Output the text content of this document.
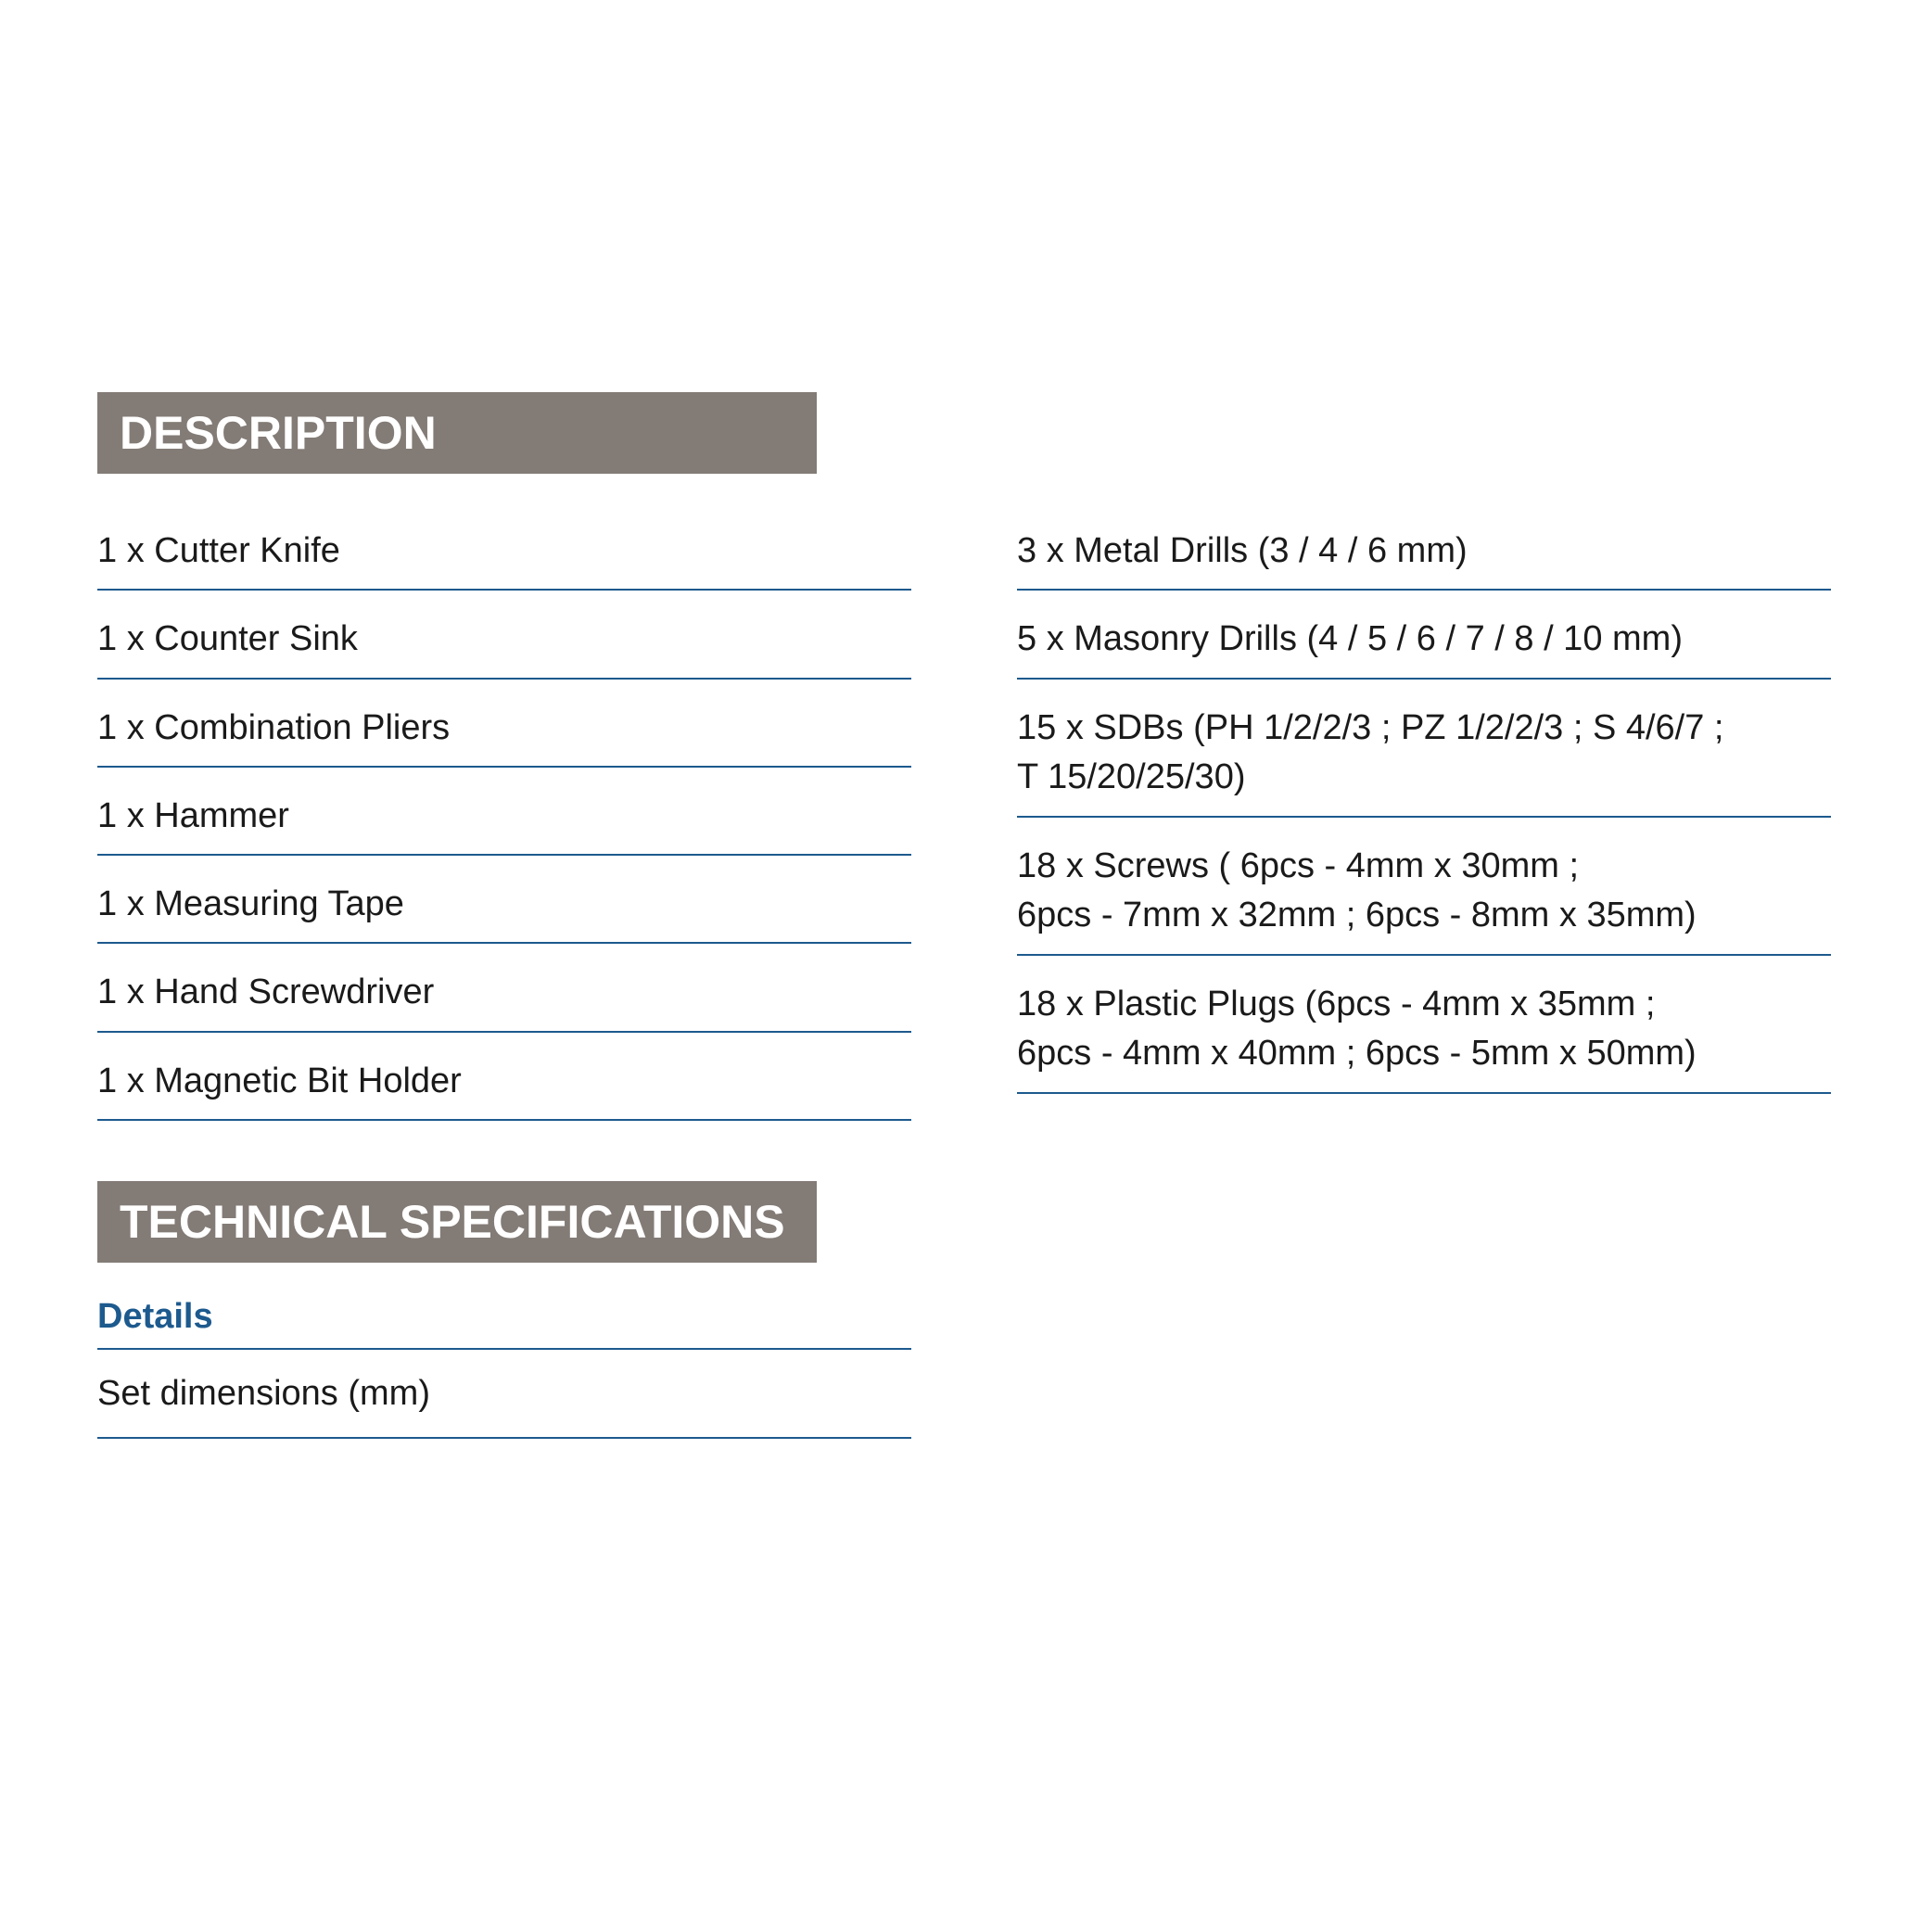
DESCRIPTION
1 x Cutter Knife
1 x Counter Sink
1 x Combination Pliers
1 x Hammer
1 x Measuring Tape
1 x Hand Screwdriver
1 x Magnetic Bit Holder
3 x Metal Drills (3 / 4 / 6 mm)
5 x Masonry Drills (4 / 5 / 6 / 7 / 8 / 10 mm)
15 x SDBs (PH 1/2/2/3 ; PZ 1/2/2/3 ; S 4/6/7 ;
T 15/20/25/30)
18 x Screws ( 6pcs - 4mm x 30mm ;
6pcs - 7mm x 32mm ; 6pcs - 8mm x 35mm)
18 x Plastic Plugs (6pcs - 4mm x 35mm ;
6pcs - 4mm x 40mm ; 6pcs - 5mm x 50mm)
TECHNICAL SPECIFICATIONS
Details
Set dimensions (mm)
